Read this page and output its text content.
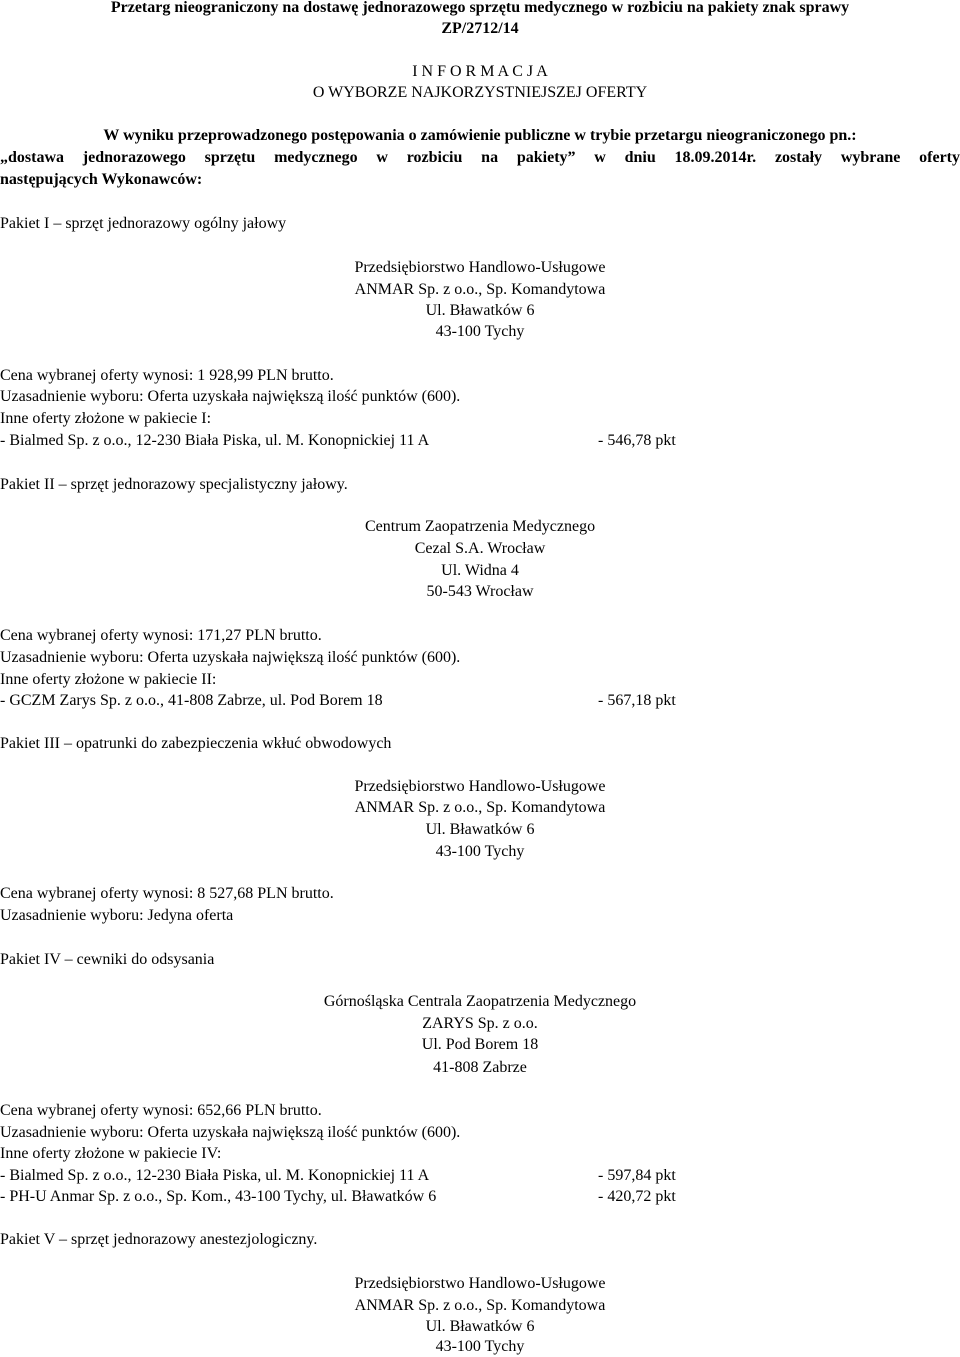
Przetarg nieograniczony na dostawę jednorazowego sprzętu medycznego w rozbiciu na pakiety znak sprawy
ZP/2712/14
I N F O R M A C J A
O WYBORZE NAJKORZYSTNIEJSZEJ OFERTY
W wyniku przeprowadzonego postępowania o zamówienie publiczne w trybie przetargu nieograniczonego pn.:
„dostawa jednorazowego sprzętu medycznego w rozbiciu na pakiety” w dniu 18.09.2014r. zostały wybrane oferty
następujących Wykonawców:
Pakiet I – sprzęt jednorazowy ogólny jałowy
Przedsiębiorstwo Handlowo-Usługowe
ANMAR Sp. z o.o., Sp. Komandytowa
Ul. Bławatków 6
43-100 Tychy
Cena wybranej oferty wynosi: 1 928,99 PLN brutto.
Uzasadnienie wyboru: Oferta uzyskała największą ilość punktów (600).
Inne oferty złożone w pakiecie I:
- Bialmed Sp. z o.o., 12-230 Biała Piska, ul. M. Konopnickiej 11 A	- 546,78 pkt
Pakiet II – sprzęt jednorazowy specjalistyczny jałowy.
Centrum Zaopatrzenia Medycznego
Cezal S.A. Wrocław
Ul. Widna 4
50-543 Wrocław
Cena wybranej oferty wynosi: 171,27 PLN brutto.
Uzasadnienie wyboru: Oferta uzyskała największą ilość punktów (600).
Inne oferty złożone w pakiecie II:
- GCZM Zarys Sp. z o.o., 41-808 Zabrze, ul. Pod Borem 18	- 567,18 pkt
Pakiet III – opatrunki do zabezpieczenia wkłuć obwodowych
Przedsiębiorstwo Handlowo-Usługowe
ANMAR Sp. z o.o., Sp. Komandytowa
Ul. Bławatków 6
43-100 Tychy
Cena wybranej oferty wynosi: 8 527,68 PLN brutto.
Uzasadnienie wyboru: Jedyna oferta
Pakiet IV – cewniki do odsysania
Górnośląska Centrala Zaopatrzenia Medycznego
ZARYS Sp. z o.o.
Ul. Pod Borem 18
41-808 Zabrze
Cena wybranej oferty wynosi: 652,66 PLN brutto.
Uzasadnienie wyboru: Oferta uzyskała największą ilość punktów (600).
Inne oferty złożone w pakiecie IV:
- Bialmed Sp. z o.o., 12-230 Biała Piska, ul. M. Konopnickiej 11 A	- 597,84 pkt
- PH-U Anmar Sp. z o.o., Sp. Kom., 43-100 Tychy, ul. Bławatków 6	- 420,72 pkt
Pakiet V – sprzęt jednorazowy anestezjologiczny.
Przedsiębiorstwo Handlowo-Usługowe
ANMAR Sp. z o.o., Sp. Komandytowa
Ul. Bławatków 6
43-100 Tychy
